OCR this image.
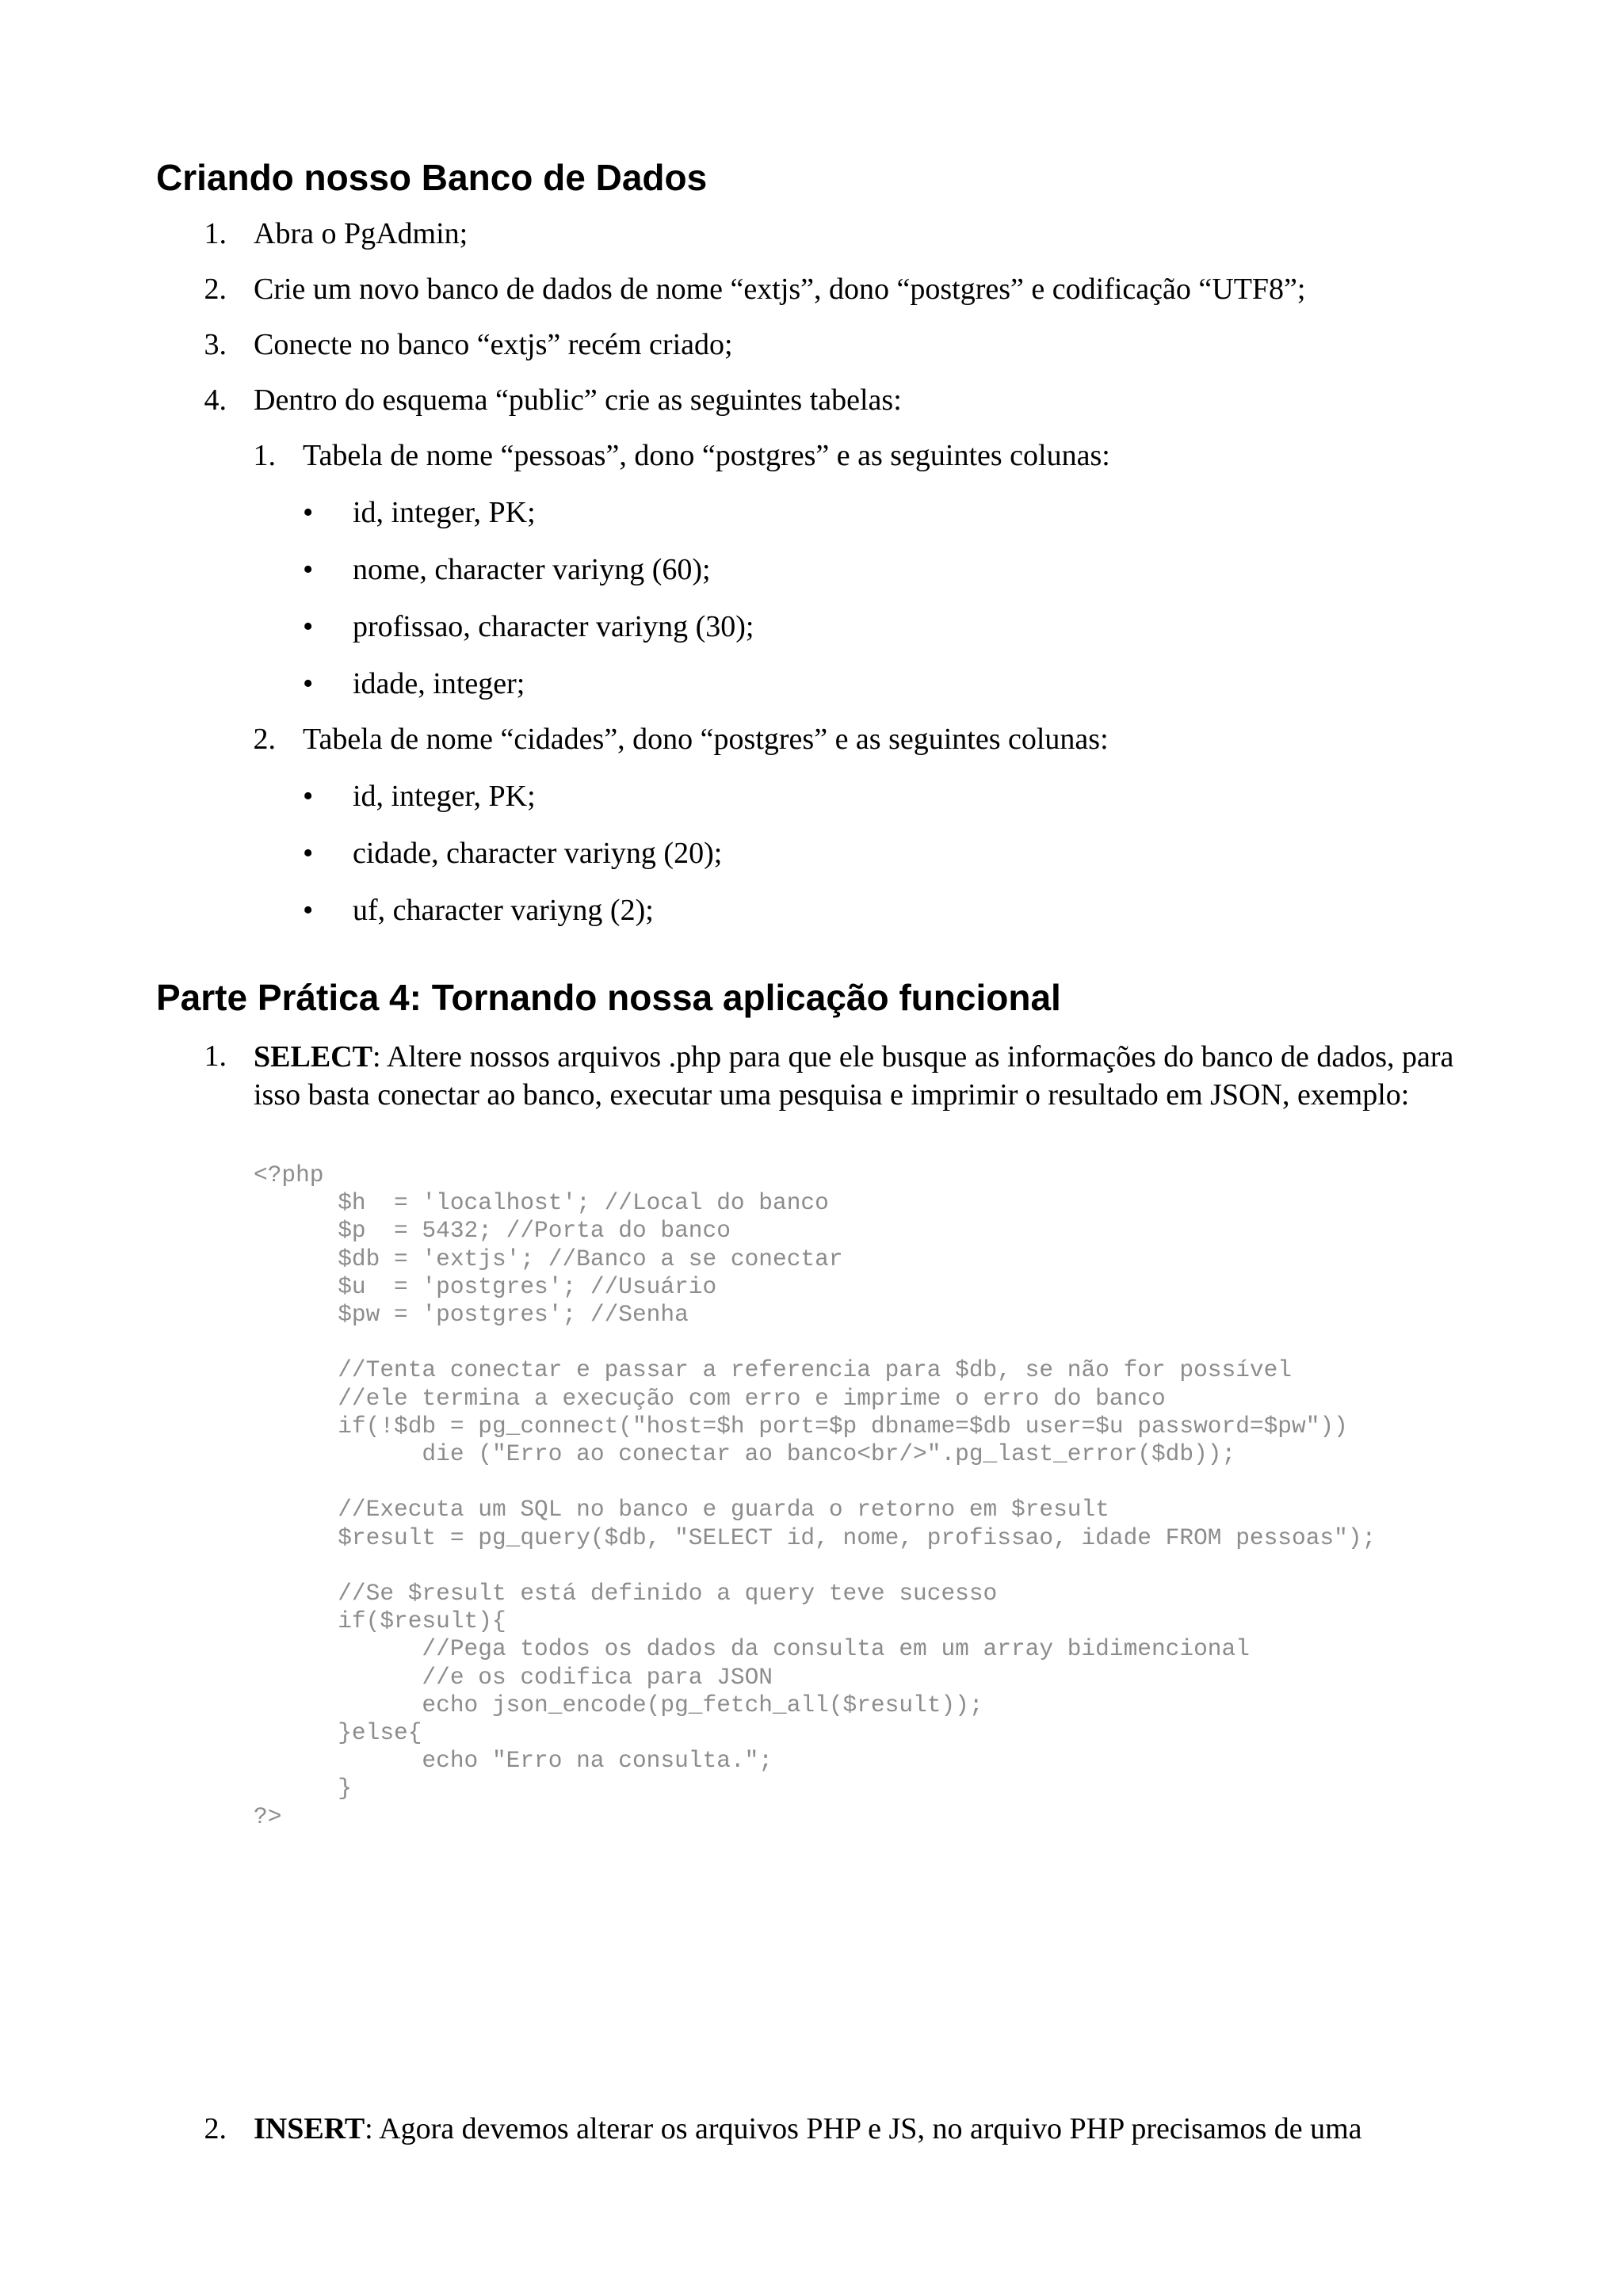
Criando nosso Banco de Dados
1. Abra o PgAdmin;
2. Crie um novo banco de dados de nome “extjs”, dono “postgres” e codificação “UTF8”;
3. Conecte no banco “extjs” recém criado;
4. Dentro do esquema “public” crie as seguintes tabelas:
1. Tabela de nome “pessoas”, dono “postgres” e as seguintes colunas:
• id, integer, PK;
• nome, character variyng (60);
• profissao, character variyng (30);
• idade, integer;
2. Tabela de nome “cidades”, dono “postgres” e as seguintes colunas:
• id, integer, PK;
• cidade, character variyng (20);
• uf, character variyng (2);
Parte Prática 4: Tornando nossa aplicação funcional
1. SELECT: Altere nossos arquivos .php para que ele busque as informações do banco de dados, para isso basta conectar ao banco, executar uma pesquisa e imprimir o resultado em JSON, exemplo:

<?php
$h  = 'localhost'; //Local do banco
$p  = 5432; //Porta do banco
$db = 'extjs'; //Banco a se conectar
$u  = 'postgres'; //Usuário
$pw = 'postgres'; //Senha

//Tenta conectar e passar a referencia para $db, se não for possível
//ele termina a execução com erro e imprime o erro do banco
if(!$db = pg_connect("host=$h port=$p dbname=$db user=$u password=$pw"))
die ("Erro ao conectar ao banco<br/>".pg_last_error($db));

//Executa um SQL no banco e guarda o retorno em $result
$result = pg_query($db, "SELECT id, nome, profissao, idade FROM pessoas");

//Se $result está definido a query teve sucesso
if($result){
//Pega todos os dados da consulta em um array bidimencional
//e os codifica para JSON
echo json_encode(pg_fetch_all($result));
}else{
echo "Erro na consulta.";
}
?>
2. INSERT: Agora devemos alterar os arquivos PHP e JS, no arquivo PHP precisamos de uma
